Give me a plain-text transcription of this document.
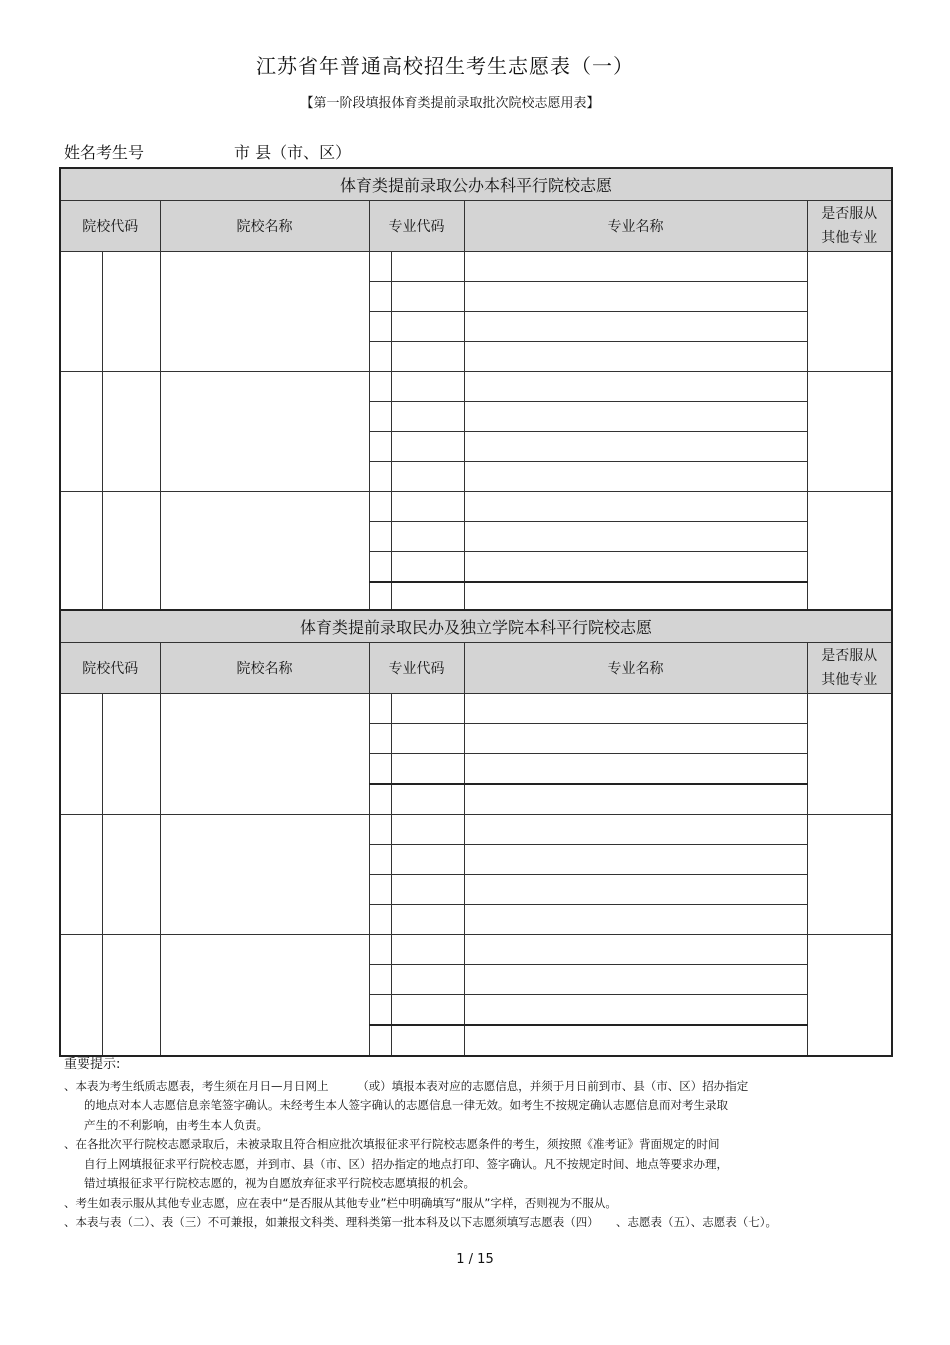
江苏省年普通高校招生考生志愿表（一）
【第一阶段填报体育类提前录取批次院校志愿用表】
姓名考生号	市 县（市、区）
体育类提前录取公办本科平行院校志愿						
院校代码		院校名称	专业代码		专业名称	是否服从
其他专业

体育类提前录取民办及独立学院本科平行院校志愿						
院校代码		院校名称	专业代码		专业名称	是否服从
其他专业

重要提示:
、本表为考生纸质志愿表，考生须在月日—月日网上　　　（或）填报本表对应的志愿信息，并须于月日前到市、县（市、区）招办指定
的地点对本人志愿信息亲笔签字确认。未经考生本人签字确认的志愿信息一律无效。如考生不按规定确认志愿信息而对考生录取
产生的不利影响，由考生本人负责。
、在各批次平行院校志愿录取后，未被录取且符合相应批次填报征求平行院校志愿条件的考生，须按照《准考证》背面规定的时间
自行上网填报征求平行院校志愿，并到市、县（市、区）招办指定的地点打印、签字确认。凡不按规定时间、地点等要求办理，
错过填报征求平行院校志愿的，视为自愿放弃征求平行院校志愿填报的机会。
、考生如表示服从其他专业志愿，应在表中“是否服从其他专业”栏中明确填写“服从”字样，否则视为不服从。
、本表与表（二）、表（三）不可兼报，如兼报文科类、理科类第一批本科及以下志愿须填写志愿表（四）　　、志愿表（五）、志愿表（七）。
1 / 15
